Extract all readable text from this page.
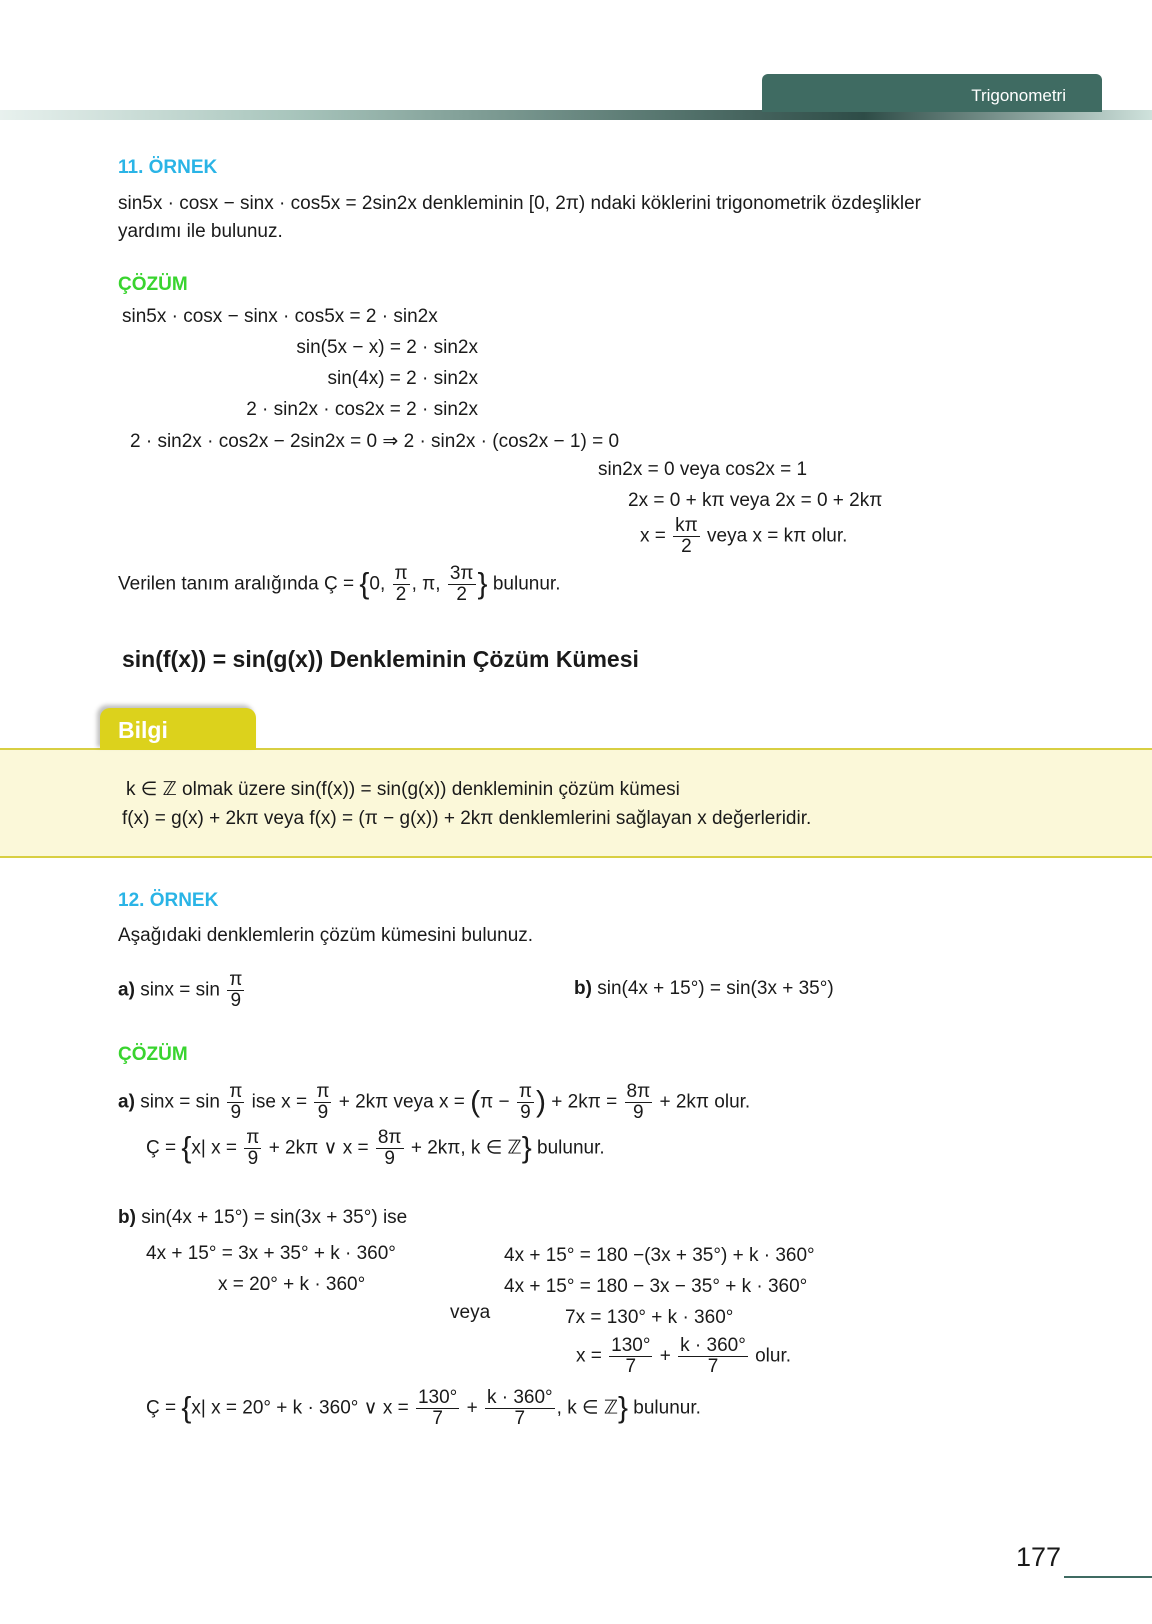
Trigonometri
11. ÖRNEK
sin5x · cosx − sinx · cos5x = 2sin2x denkleminin [0, 2π) ndaki köklerini trigonometrik özdeşlikler
yardımı ile bulunuz.
ÇÖZÜM
sin5x · cosx − sinx · cos5x = 2 · sin2x
sin(5x − x) = 2 · sin2x
sin(4x) = 2 · sin2x
2 · sin2x · cos2x = 2 · sin2x
2 · sin2x · cos2x − 2sin2x = 0 ⇒ 2 · sin2x · (cos2x − 1) = 0
sin2x = 0 veya cos2x = 1
2x = 0 + kπ veya 2x = 0 + 2kπ
$x = \frac{k\pi}{2}$ veya x = kπ olur.
Verilen tanım aralığında Ç = {0, $\frac{\pi}{2}$ , π, $\frac{3\pi}{2}$ } bulunur.
sin(f(x)) = sin(g(x)) Denkleminin Çözüm Kümesi
Bilgi
k ∈ ℤ olmak üzere sin(f(x)) = sin(g(x)) denkleminin çözüm kümesi
f(x) = g(x) + 2kπ veya f(x) = (π − g(x)) + 2kπ denklemlerini sağlayan x değerleridir.
12. ÖRNEK
Aşağıdaki denklemlerin çözüm kümesini bulunuz.
a) $\sin x = \sin \frac{\pi}{9}$	b) sin(4x + 15°) = sin(3x + 35°)
ÇÖZÜM
a) $\sin x = \sin \frac{\pi}{9}$ ise $x = \frac{\pi}{9} + 2k\pi$ veya $x = (\pi - \frac{\pi}{9}$ ) + $2k\pi = \frac{8\pi}{9} + 2k\pi$ olur.
Ç = {x| $x = \frac{\pi}{9} + 2k\pi$ ∨ $x = \frac{8\pi}{9} + 2k\pi$, k ∈ ℤ} bulunur.
b) sin(4x + 15°) = sin(3x + 35°) ise
4x + 15° = 3x + 35° + k · 360°
x = 20° + k · 360°
4x + 15° = 180 −(3x + 35°) + k · 360°
4x + 15° = 180 − 3x − 35° + k · 360°
veya	7x = 130° + k · 360°
$x = \frac{130^\circ}{7} + \frac{k \cdot 360^\circ}{7}$ olur.
Ç = {x| x = 20° + k · 360° ∨ $x = \frac{130^\circ}{7} + \frac{k \cdot 360^\circ}{7}$ , k ∈ ℤ} bulunur.
177
